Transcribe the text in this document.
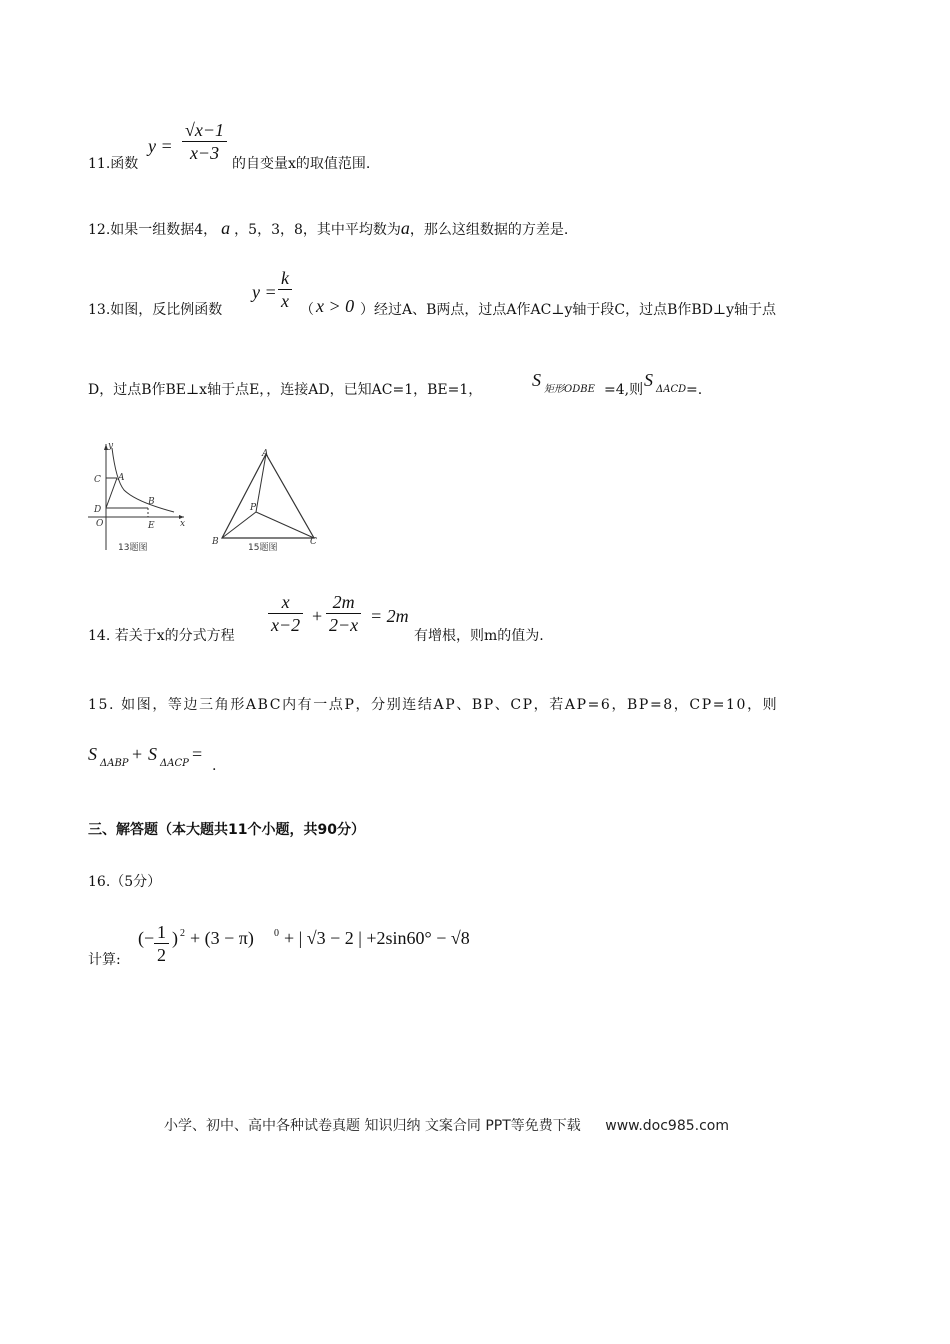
11.函数
$y = \frac{√x-1}{x-3}$
的自变量x的取值范围.
12.如果一组数据4， a ，5，3，8，其中平均数为a，那么这组数据的方差是.
13.如图，反比例函数
$y = \frac{k}{x}$ （ x > 0 ）经过A、B两点，过点A作AC⊥y轴于段C，过点B作BD⊥y轴于点
D，过点B作BE⊥x轴于点E，，连接AD，已知AC=1，BE=1，	S 矩形ODBE =4,则 S ΔACD =.
y
x
C A
D
B
O	E
13题图
A
B	C
P
15题图
14. 若关于x的分式方程
$\frac{x}{x-2} + \frac{2m}{2-x} = 2m$
有增根，则m的值为.
15. 如图，等边三角形ABC内有一点P，分别连结AP、BP、CP，若AP=6，BP=8，CP=10，则
S ΔABP + S ΔACP =
.
三、解答题（本大题共11个小题，共90分）
16.（5分）
计算:
(− $\frac{1}{2}$ ) 2 + (3 − π) 0 + | √3 − 2 | +2sin60° − √8
小学、初中、高中各种试卷真题 知识归纳 文案合同 PPT等免费下载 www.doc985.com
